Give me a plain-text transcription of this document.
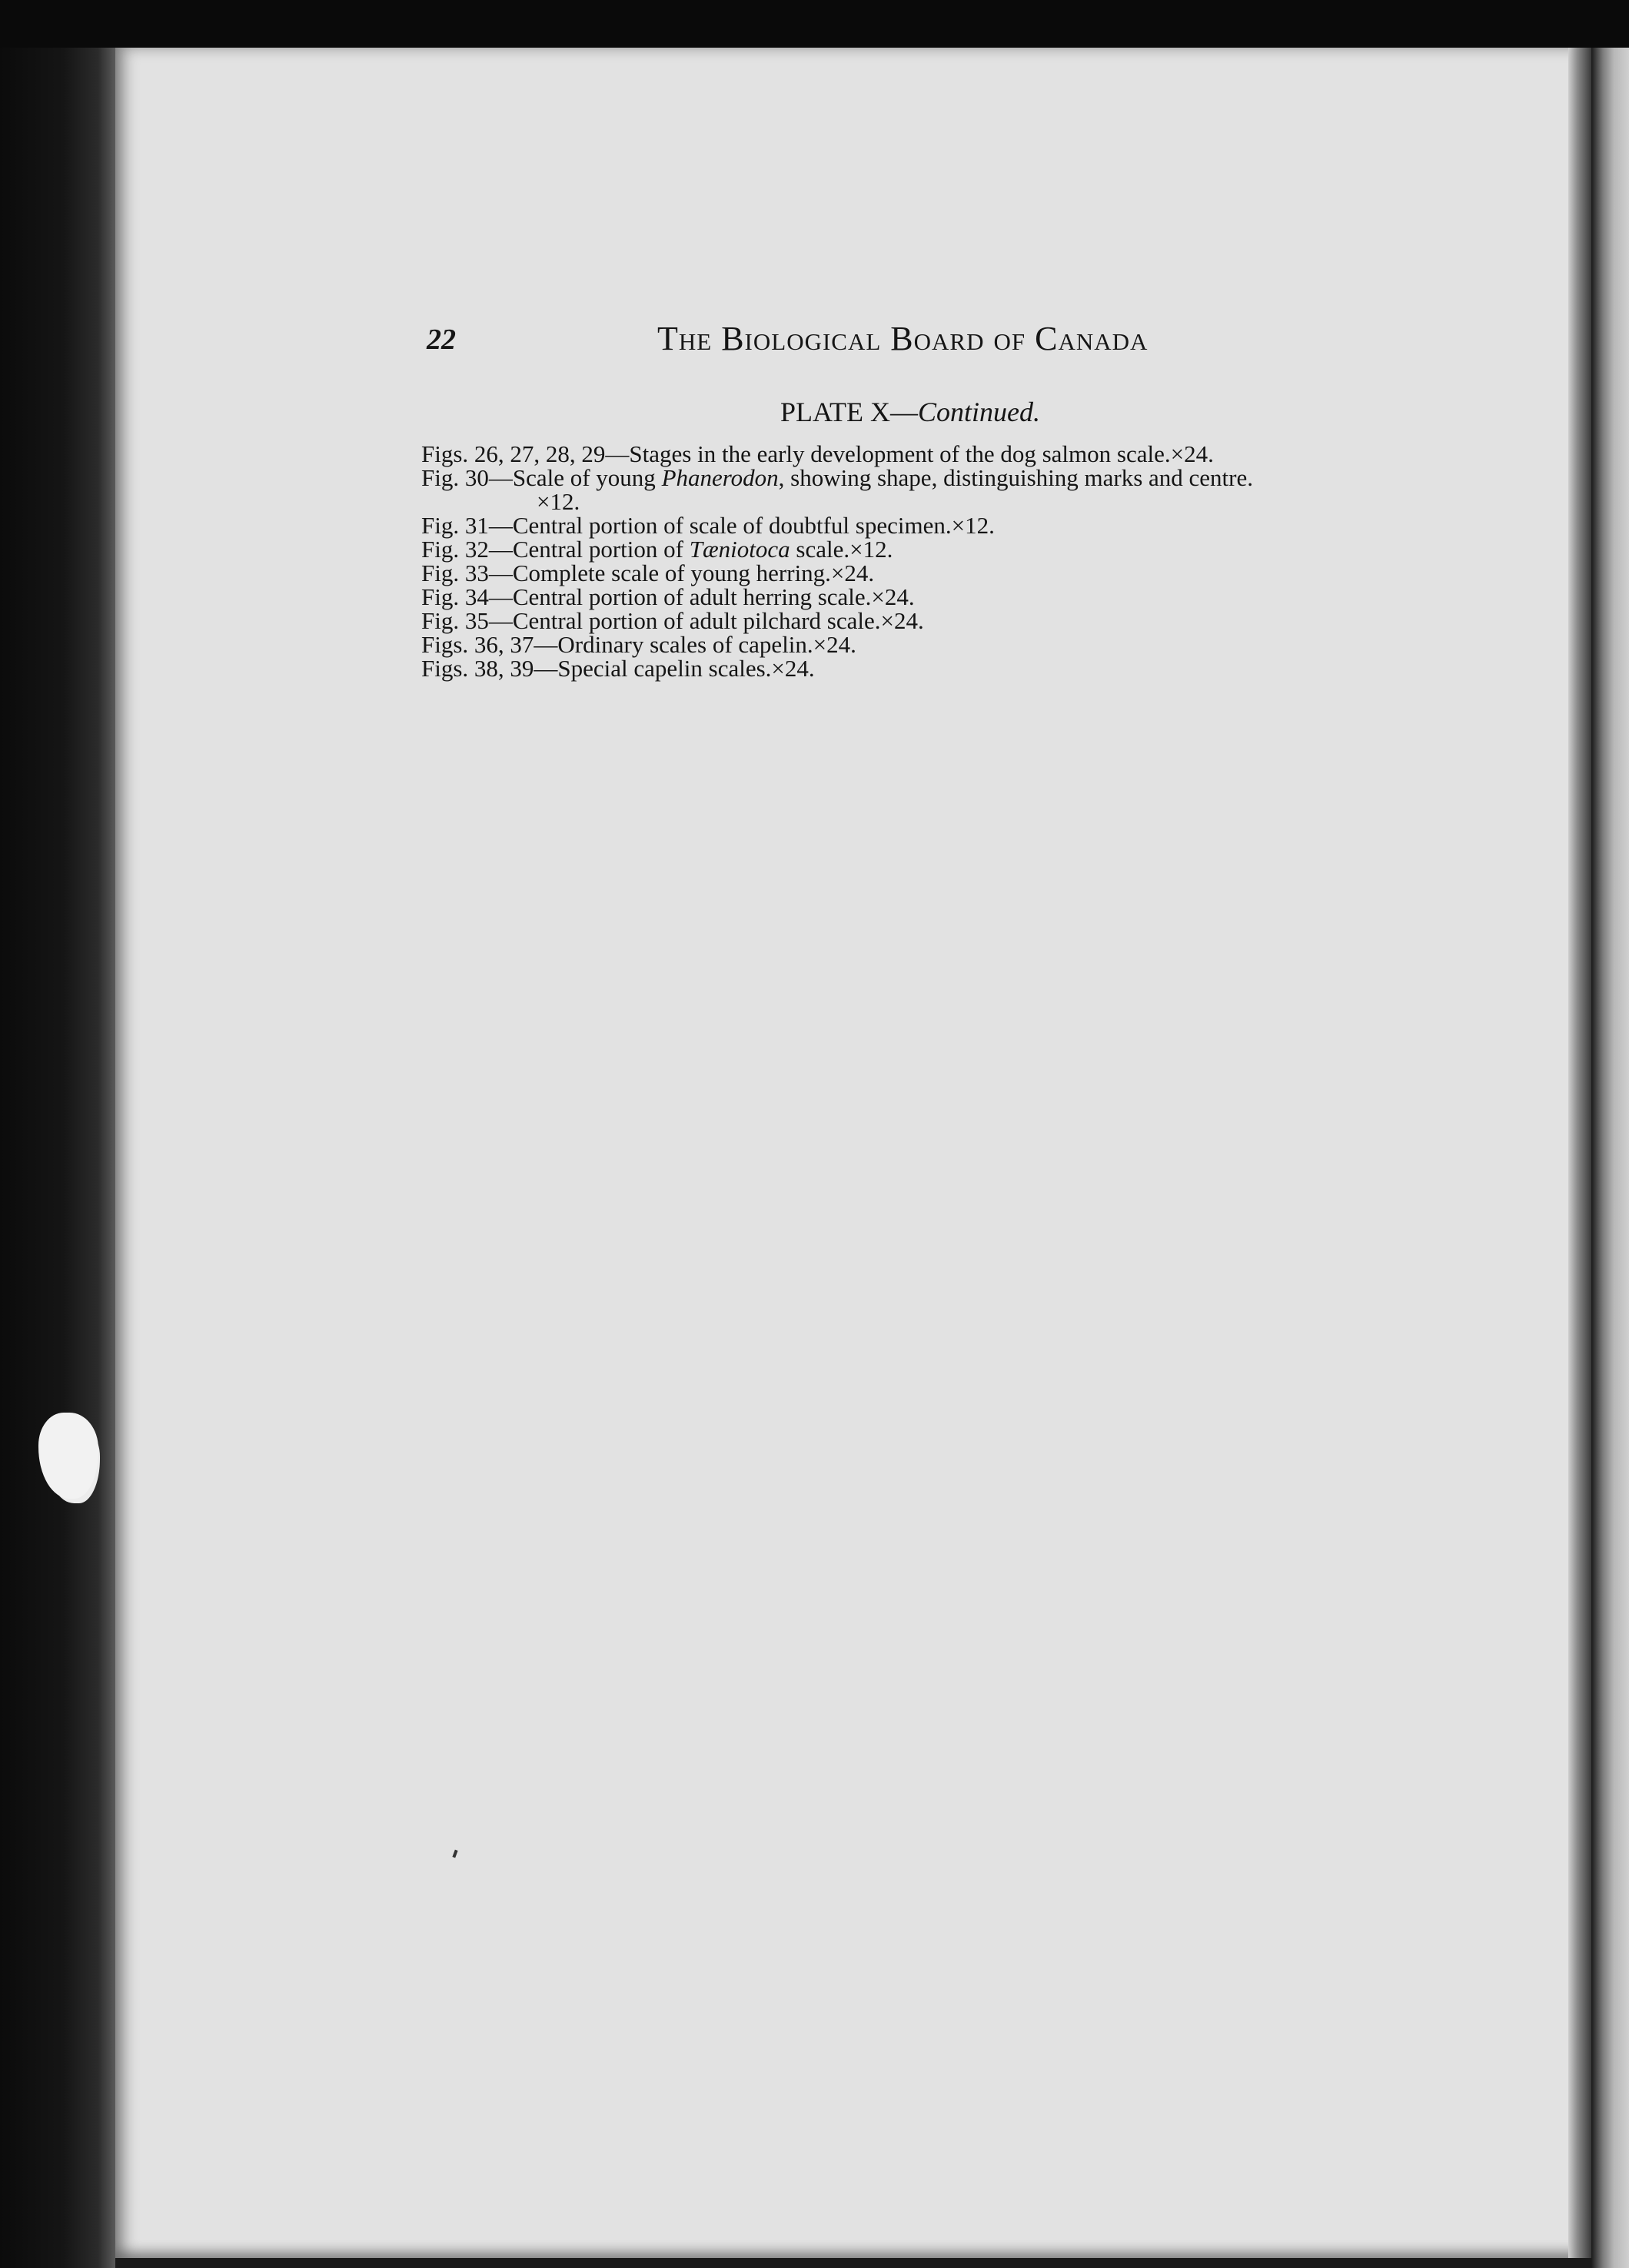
22	The Biological Board of Canada
PLATE X—Continued.
Figs. 26, 27, 28, 29—Stages in the early development of the dog salmon scale.×24.
Fig. 30—Scale of young Phanerodon, showing shape, distinguishing marks and centre.
×12.
Fig. 31—Central portion of scale of doubtful specimen.×12.
Fig. 32—Central portion of Tæniotoca scale.×12.
Fig. 33—Complete scale of young herring.×24.
Fig. 34—Central portion of adult herring scale.×24.
Fig. 35—Central portion of adult pilchard scale.×24.
Figs. 36, 37—Ordinary scales of capelin.×24.
Figs. 38, 39—Special capelin scales.×24.
